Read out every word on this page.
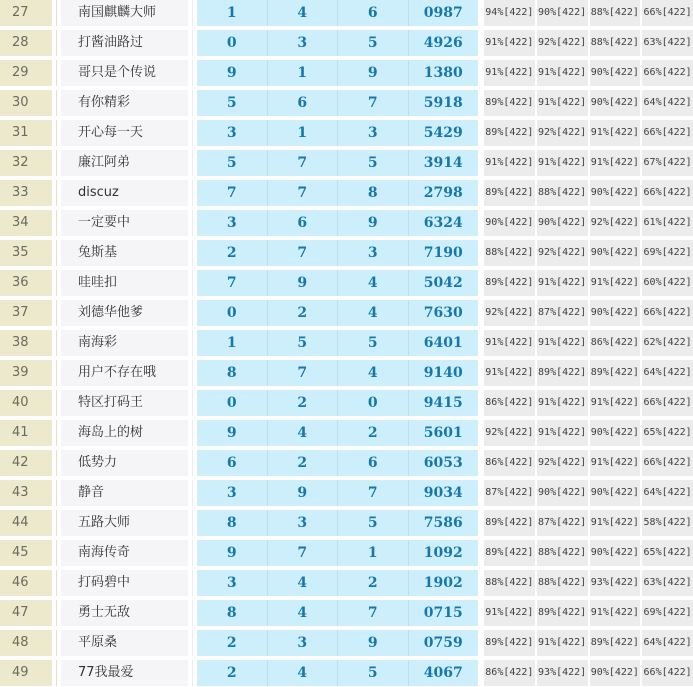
27	南国麒麟大师	1	4	6	0987	94%[422] 90%[422] 88%[422] 66%[422]
28	打酱油路过	0	3	5	4926	91%[422] 92%[422] 88%[422] 63%[422]
29	哥只是个传说	9	1	9	1380	91%[422] 91%[422] 90%[422] 66%[422]
30	有你精彩	5	6	7	5918	89%[422] 91%[422] 90%[422] 64%[422]
31	开心每一天	3	1	3	5429	89%[422] 92%[422] 91%[422] 66%[422]
32	廉江阿弟	5	7	5	3914	91%[422] 91%[422] 91%[422] 67%[422]
33	discuz	7	7	8	2798	89%[422] 88%[422] 90%[422] 66%[422]
34	一定要中	3	6	9	6324	90%[422] 90%[422] 92%[422] 61%[422]
35	兔斯基	2	7	3	7190	88%[422] 92%[422] 90%[422] 69%[422]
36	哇哇扣	7	9	4	5042	89%[422] 91%[422] 91%[422] 60%[422]
37	刘德华他爹	0	2	4	7630	92%[422] 87%[422] 90%[422] 66%[422]
38	南海彩	1	5	5	6401	91%[422] 91%[422] 86%[422] 62%[422]
39	用户不存在哦	8	7	4	9140	91%[422] 89%[422] 89%[422] 64%[422]
40	特区打码王	0	2	0	9415	86%[422] 91%[422] 91%[422] 66%[422]
41	海岛上的树	9	4	2	5601	92%[422] 91%[422] 90%[422] 65%[422]
42	低势力	6	2	6	6053	86%[422] 92%[422] 91%[422] 66%[422]
43	静音	3	9	7	9034	87%[422] 90%[422] 90%[422] 64%[422]
44	五路大师	8	3	5	7586	89%[422] 87%[422] 91%[422] 58%[422]
45	南海传奇	9	7	1	1092	89%[422] 88%[422] 90%[422] 65%[422]
46	打码碧中	3	4	2	1902	88%[422] 88%[422] 93%[422] 63%[422]
47	勇士无敌	8	4	7	0715	91%[422] 89%[422] 91%[422] 69%[422]
48	平原桑	2	3	9	0759	89%[422] 91%[422] 89%[422] 64%[422]
49	77我最爱	2	4	5	4067	86%[422] 93%[422] 90%[422] 66%[422]
